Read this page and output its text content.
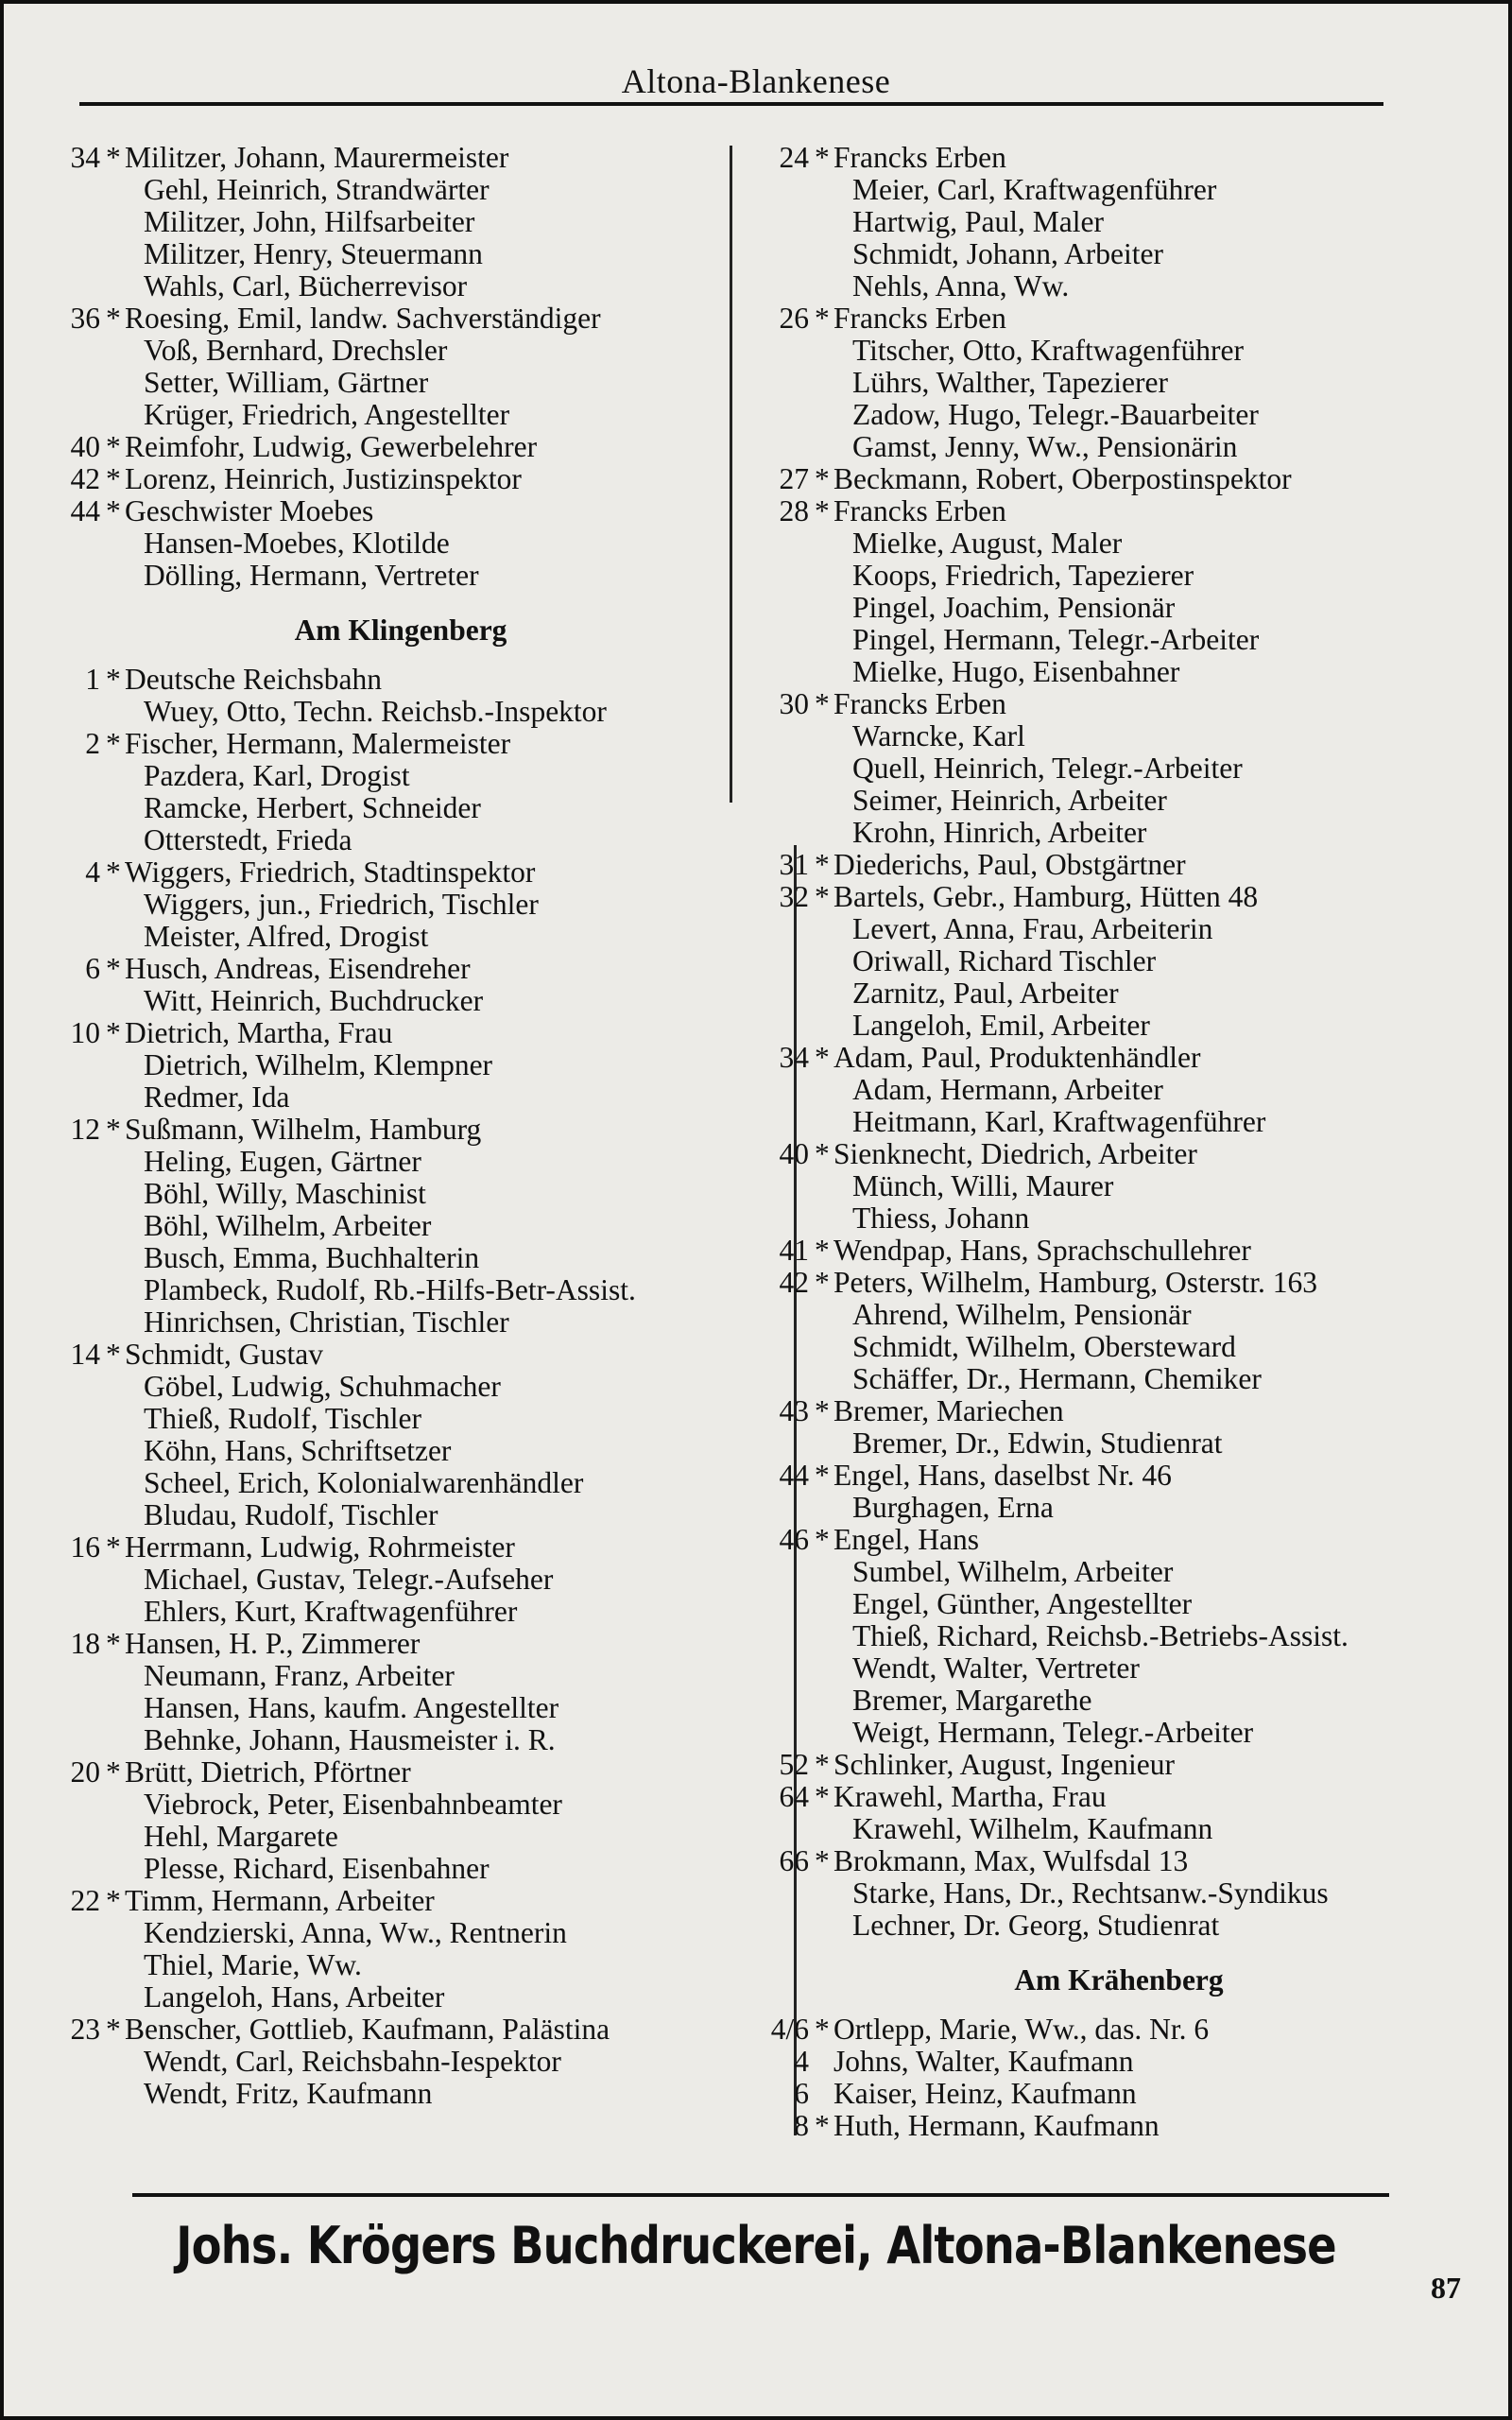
Altona-Blankenese
34 * Militzer, Johann, Maurermeister
Gehl, Heinrich, Strandwärter
Militzer, John, Hilfsarbeiter
Militzer, Henry, Steuermann
Wahls, Carl, Bücherrevisor
36 * Roesing, Emil, landw. Sachverständiger
Voß, Bernhard, Drechsler
Setter, William, Gärtner
Krüger, Friedrich, Angestellter
40 * Reimfohr, Ludwig, Gewerbelehrer
42 * Lorenz, Heinrich, Justizinspektor
44 * Geschwister Moebes
Hansen-Moebes, Klotilde
Dölling, Hermann, Vertreter
Am Klingenberg
1 * Deutsche Reichsbahn
Wuey, Otto, Techn. Reichsb.-Inspektor
2 * Fischer, Hermann, Malermeister
Pazdera, Karl, Drogist
Ramcke, Herbert, Schneider
Otterstedt, Frieda
4 * Wiggers, Friedrich, Stadtinspektor
Wiggers, jun., Friedrich, Tischler
Meister, Alfred, Drogist
6 * Husch, Andreas, Eisendreher
Witt, Heinrich, Buchdrucker
10 * Dietrich, Martha, Frau
Dietrich, Wilhelm, Klempner
Redmer, Ida
12 * Sußmann, Wilhelm, Hamburg
Heling, Eugen, Gärtner
Böhl, Willy, Maschinist
Böhl, Wilhelm, Arbeiter
Busch, Emma, Buchhalterin
Plambeck, Rudolf, Rb.-Hilfs-Betr-Assist.
Hinrichsen, Christian, Tischler
14 * Schmidt, Gustav
Göbel, Ludwig, Schuhmacher
Thieß, Rudolf, Tischler
Köhn, Hans, Schriftsetzer
Scheel, Erich, Kolonialwarenhändler
Bludau, Rudolf, Tischler
16 * Herrmann, Ludwig, Rohrmeister
Michael, Gustav, Telegr.-Aufseher
Ehlers, Kurt, Kraftwagenführer
18 * Hansen, H. P., Zimmerer
Neumann, Franz, Arbeiter
Hansen, Hans, kaufm. Angestellter
Behnke, Johann, Hausmeister i. R.
20 * Brütt, Dietrich, Pförtner
Viebrock, Peter, Eisenbahnbeamter
Hehl, Margarete
Plesse, Richard, Eisenbahner
22 * Timm, Hermann, Arbeiter
Kendzierski, Anna, Ww., Rentnerin
Thiel, Marie, Ww.
Langeloh, Hans, Arbeiter
23 * Benscher, Gottlieb, Kaufmann, Palästina
Wendt, Carl, Reichsbahn-Iespektor
Wendt, Fritz, Kaufmann
24 * Francks Erben
Meier, Carl, Kraftwagenführer
Hartwig, Paul, Maler
Schmidt, Johann, Arbeiter
Nehls, Anna, Ww.
26 * Francks Erben
Titscher, Otto, Kraftwagenführer
Lührs, Walther, Tapezierer
Zadow, Hugo, Telegr.-Bauarbeiter
Gamst, Jenny, Ww., Pensionärin
27 * Beckmann, Robert, Oberpostinspektor
28 * Francks Erben
Mielke, August, Maler
Koops, Friedrich, Tapezierer
Pingel, Joachim, Pensionär
Pingel, Hermann, Telegr.-Arbeiter
Mielke, Hugo, Eisenbahner
30 * Francks Erben
Warncke, Karl
Quell, Heinrich, Telegr.-Arbeiter
Seimer, Heinrich, Arbeiter
Krohn, Hinrich, Arbeiter
31 * Diederichs, Paul, Obstgärtner
32 * Bartels, Gebr., Hamburg, Hütten 48
Levert, Anna, Frau, Arbeiterin
Oriwall, Richard Tischler
Zarnitz, Paul, Arbeiter
Langeloh, Emil, Arbeiter
34 * Adam, Paul, Produktenhändler
Adam, Hermann, Arbeiter
Heitmann, Karl, Kraftwagenführer
40 * Sienknecht, Diedrich, Arbeiter
Münch, Willi, Maurer
Thiess, Johann
41 * Wendpap, Hans, Sprachschullehrer
42 * Peters, Wilhelm, Hamburg, Osterstr. 163
Ahrend, Wilhelm, Pensionär
Schmidt, Wilhelm, Obersteward
Schäffer, Dr., Hermann, Chemiker
43 * Bremer, Mariechen
Bremer, Dr., Edwin, Studienrat
44 * Engel, Hans, daselbst Nr. 46
Burghagen, Erna
46 * Engel, Hans
Sumbel, Wilhelm, Arbeiter
Engel, Günther, Angestellter
Thieß, Richard, Reichsb.-Betriebs-Assist.
Wendt, Walter, Vertreter
Bremer, Margarethe
Weigt, Hermann, Telegr.-Arbeiter
52 * Schlinker, August, Ingenieur
64 * Krawehl, Martha, Frau
Krawehl, Wilhelm, Kaufmann
66 * Brokmann, Max, Wulfsdal 13
Starke, Hans, Dr., Rechtsanw.-Syndikus
Lechner, Dr. Georg, Studienrat
Am Krähenberg
4/6 * Ortlepp, Marie, Ww., das. Nr. 6
4 Johns, Walter, Kaufmann
6 Kaiser, Heinz, Kaufmann
8 * Huth, Hermann, Kaufmann
Johs. Krögers Buchdruckerei, Altona-Blankenese
87
